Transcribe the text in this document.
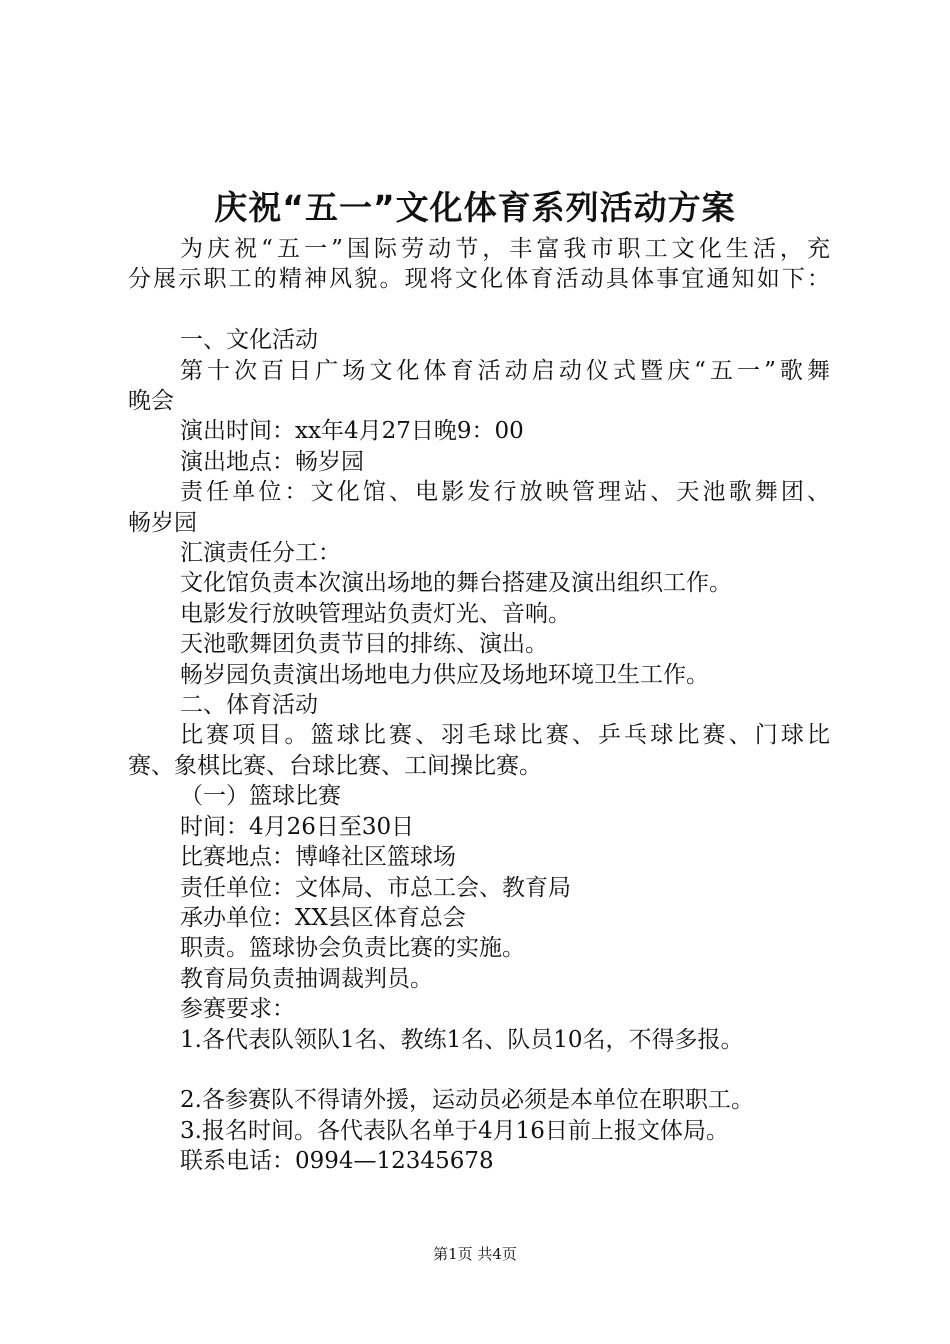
庆祝“五一”文化体育系列活动方案

为庆祝“五一”国际劳动节，丰富我市职工文化生活，充

分展示职工的精神风貌。现将文化体育活动具体事宜通知如下：

一、文化活动

第十次百日广场文化体育活动启动仪式暨庆“五一”歌舞

晚会

演出时间：xx年4月27日晚9：00

演出地点：畅岁园

责任单位：文化馆、电影发行放映管理站、天池歌舞团、

畅岁园

汇演责任分工：

文化馆负责本次演出场地的舞台搭建及演出组织工作。

电影发行放映管理站负责灯光、音响。

天池歌舞团负责节目的排练、演出。

畅岁园负责演出场地电力供应及场地环境卫生工作。

二、体育活动

比赛项目。篮球比赛、羽毛球比赛、乒乓球比赛、门球比

赛、象棋比赛、台球比赛、工间操比赛。

（一）篮球比赛

时间：4月26日至30日

比赛地点：博峰社区篮球场

责任单位：文体局、市总工会、教育局

承办单位：XX县区体育总会

职责。篮球协会负责比赛的实施。

教育局负责抽调裁判员。

参赛要求：

1.各代表队领队1名、教练1名、队员10名，不得多报。

2.各参赛队不得请外援，运动员必须是本单位在职职工。

3.报名时间。各代表队名单于4月16日前上报文体局。

联系电话：0994—12345678

第1页 共4页
